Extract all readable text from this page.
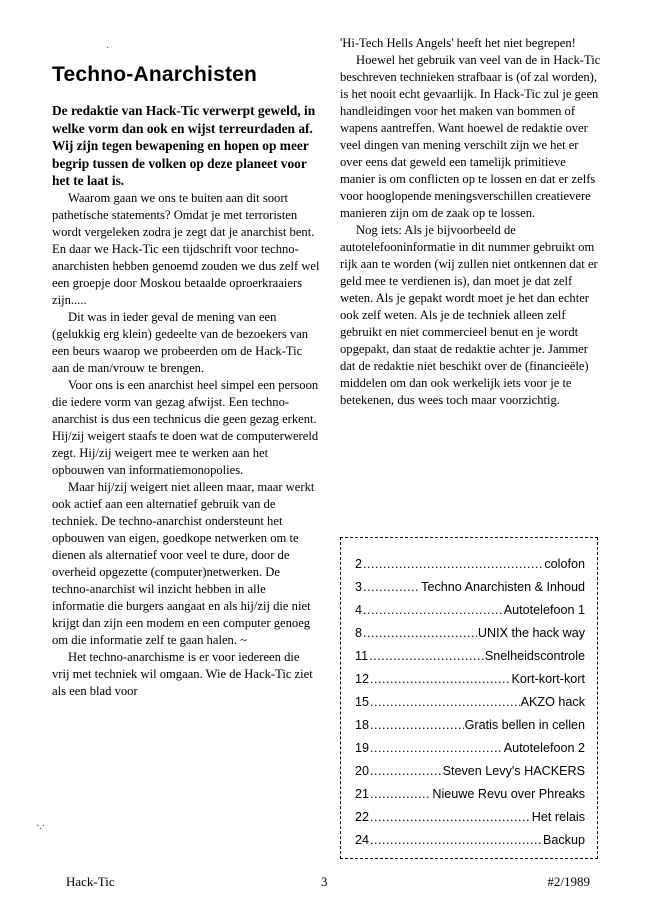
·
·.·
Techno-Anarchisten

De redaktie van Hack-Tic verwerpt geweld, in welke vorm dan ook en wijst terreurdaden af. Wij zijn tegen bewapening en hopen op meer begrip tussen de volken op deze planeet voor het te laat is.

Waarom gaan we ons te buiten aan dit soort pathetische statements? Omdat je met terroristen wordt vergeleken zodra je zegt dat je anarchist bent. En daar we Hack-Tic een tijdschrift voor techno-anarchisten hebben genoemd zouden we dus zelf wel een groepje door Moskou betaalde oproerkraaiers zijn.....

Dit was in ieder geval de mening van een (gelukkig erg klein) gedeelte van de bezoekers van een beurs waarop we probeerden om de Hack-Tic aan de man/vrouw te brengen.

Voor ons is een anarchist heel simpel een persoon die iedere vorm van gezag afwijst. Een techno-anarchist is dus een technicus die geen gezag erkent. Hij/zij weigert staafs te doen wat de computerwereld zegt. Hij/zij weigert mee te werken aan het opbouwen van informatiemonopolies.

Maar hij/zij weigert niet alleen maar, maar werkt ook actief aan een alternatief gebruik van de techniek. De techno-anarchist ondersteunt het opbouwen van eigen, goedkope netwerken om te dienen als alternatief voor veel te dure, door de overheid opgezette (computer)netwerken. De techno-anarchist wil inzicht hebben in alle informatie die burgers aangaat en als hij/zij die niet krijgt dan zijn een modem en een computer genoeg om die informatie zelf te gaan halen. ~

Het techno-anarchisme is er voor iedereen die vrij met techniek wil omgaan. Wie de Hack-Tic ziet als een blad voor

'Hi-Tech Hells Angels' heeft het niet begrepen!

Hoewel het gebruik van veel van de in Hack-Tic beschreven technieken strafbaar is (of zal worden), is het nooit echt gevaarlijk. In Hack-Tic zul je geen handleidingen voor het maken van bommen of wapens aantreffen. Want hoewel de redaktie over veel dingen van mening verschilt zijn we het er over eens dat geweld een tamelijk primitieve manier is om conflicten op te lossen en dat er zelfs voor hooglopende meningsverschillen creatievere manieren zijn om de zaak op te lossen.

Nog iets: Als je bijvoorbeeld de autotelefooninformatie in dit nummer gebruikt om rijk aan te worden (wij zullen niet ontkennen dat er geld mee te verdienen is), dan moet je dat zelf weten. Als je gepakt wordt moet je het dan echter ook zelf weten. Als je de techniek alleen zelf gebruikt en niet commercieel benut en je wordt opgepakt, dan staat de redaktie achter je. Jammer dat de redaktie niet beschikt over de (financieële) middelen om dan ook werkelijk iets voor je te betekenen, dus wees toch maar voorzichtig.

2 .....	colofon
3 .....	Techno Anarchisten & Inhoud
4 .....	Autotelefoon 1
8 .....	UNIX the hack way
11 .....	Snelheidscontrole
12 .....	Kort-kort-kort
15 .....	AKZO hack
18 .....	Gratis bellen in cellen
19 .....	Autotelefoon 2
20 .....	Steven Levy's HACKERS
21 .....	Nieuwe Revu over Phreaks
22 .....	Het relais
24 .....	Backup
Hack-Tic	3	#2/1989
